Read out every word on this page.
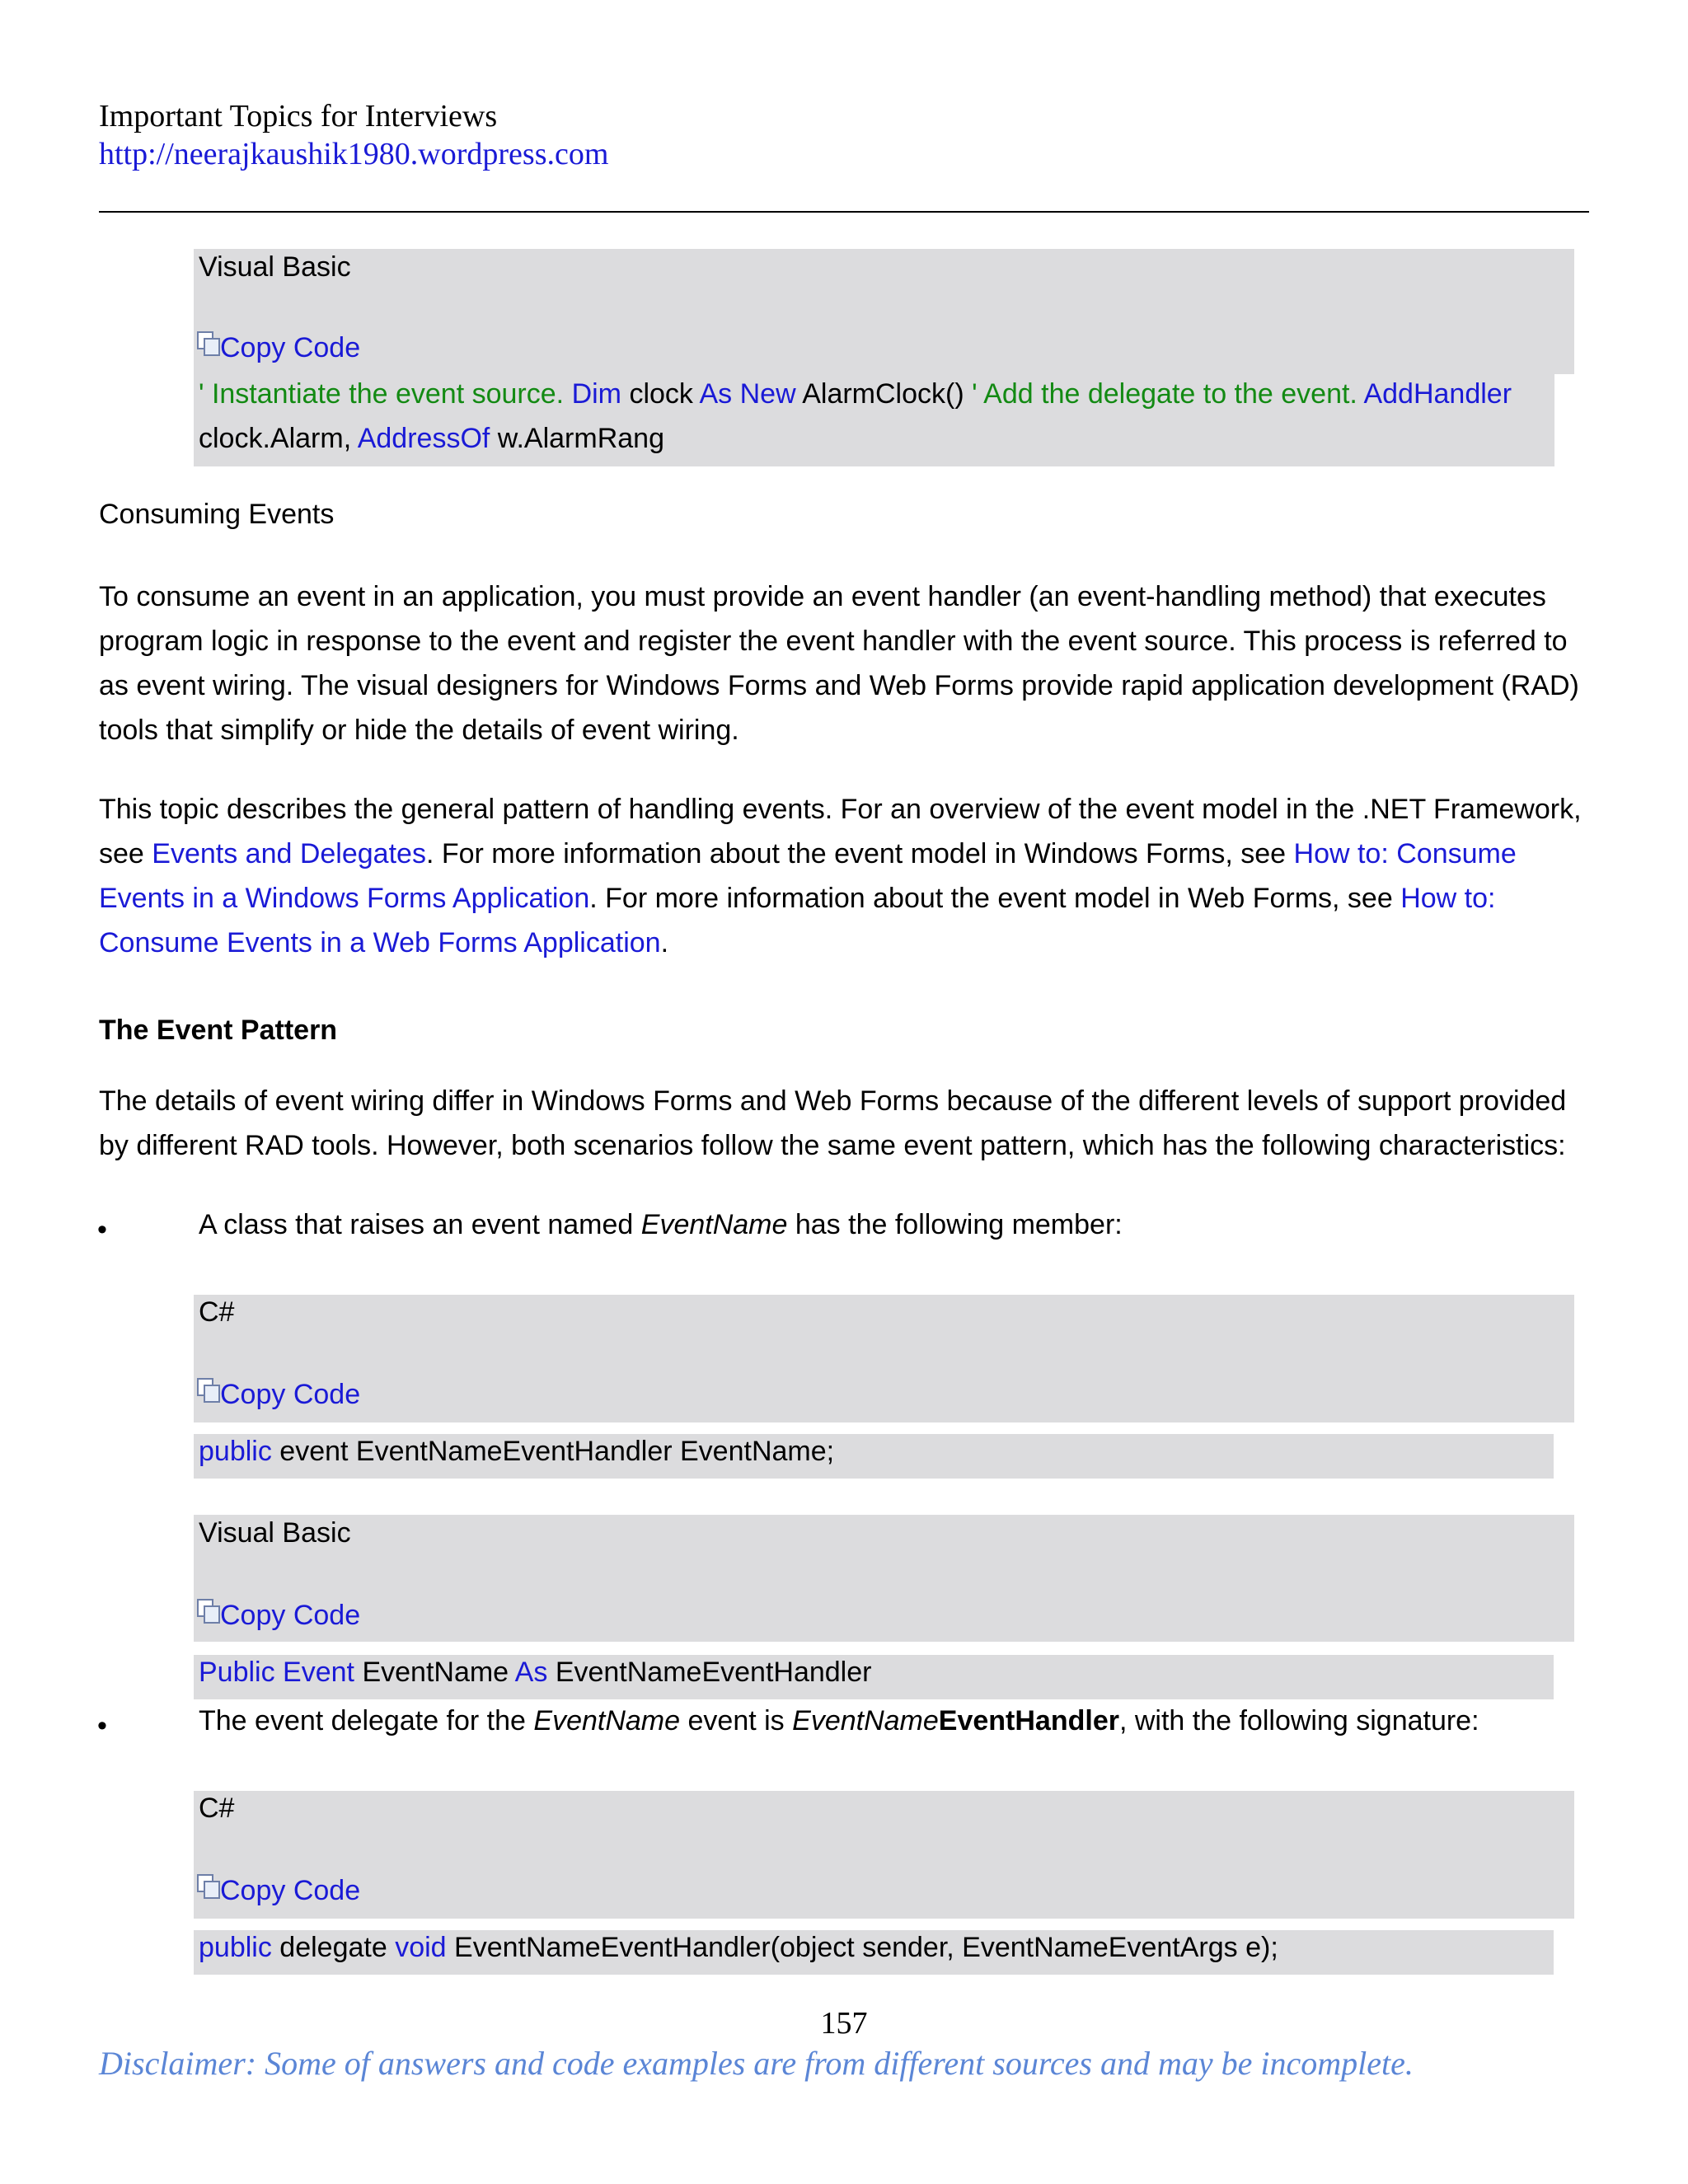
Important Topics for Interviews
http://neerajkaushik1980.wordpress.com
Visual Basic
Copy Code
' Instantiate the event source. Dim clock As New AlarmClock() ' Add the delegate to the event. AddHandler
clock.Alarm, AddressOf w.AlarmRang
Consuming Events
To consume an event in an application, you must provide an event handler (an event-handling method) that executes program logic in response to the event and register the event handler with the event source. This process is referred to as event wiring. The visual designers for Windows Forms and Web Forms provide rapid application development (RAD) tools that simplify or hide the details of event wiring.
This topic describes the general pattern of handling events. For an overview of the event model in the .NET Framework, see Events and Delegates. For more information about the event model in Windows Forms, see How to: Consume Events in a Windows Forms Application. For more information about the event model in Web Forms, see How to: Consume Events in a Web Forms Application.
The Event Pattern
The details of event wiring differ in Windows Forms and Web Forms because of the different levels of support provided by different RAD tools. However, both scenarios follow the same event pattern, which has the following characteristics:
•	A class that raises an event named EventName has the following member:
C#
Copy Code
public event EventNameEventHandler EventName;
Visual Basic
Copy Code
Public Event EventName As EventNameEventHandler
•	The event delegate for the EventName event is EventNameEventHandler, with the following signature:
C#
Copy Code
public delegate void EventNameEventHandler(object sender, EventNameEventArgs e);
157
Disclaimer: Some of answers and code examples are from different sources and may be incomplete.
